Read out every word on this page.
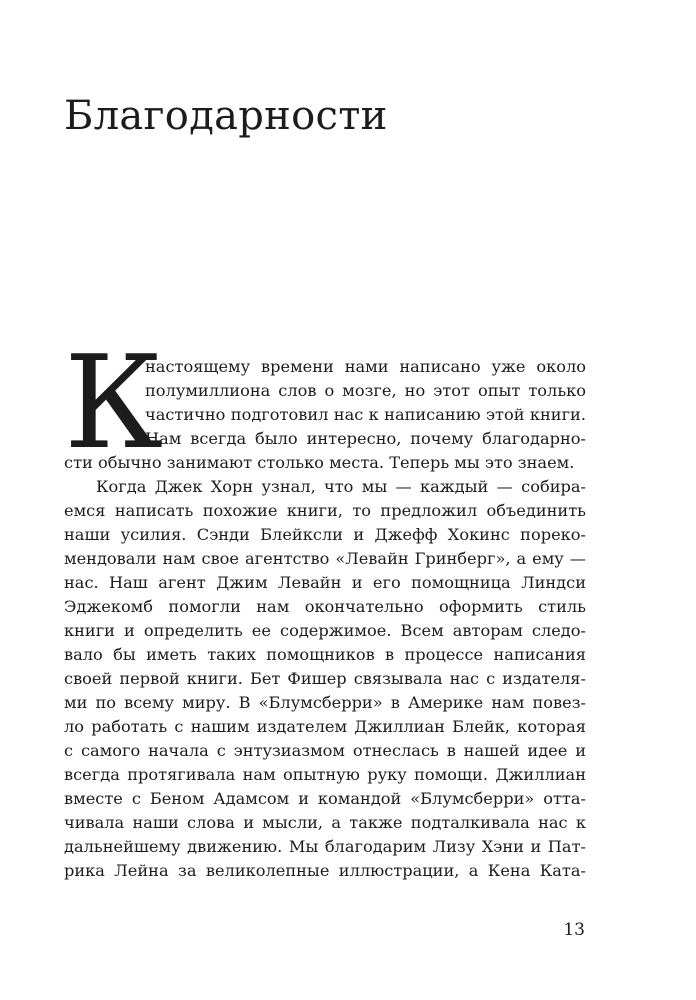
Благодарности
К
настоящему времени нами написано уже около
полумиллиона слов о мозге, но этот опыт только
частично подготовил нас к написанию этой книги.
Нам всегда было интересно, почему благодарно-
сти обычно занимают столько места. Теперь мы это знаем.
Когда Джек Хорн узнал, что мы — каждый — собира-
емся написать похожие книги, то предложил объединить
наши усилия. Сэнди Блейксли и Джефф Хокинс пореко-
мендовали нам свое агентство «Левайн Гринберг», а ему —
нас. Наш агент Джим Левайн и его помощница Линдси
Эджекомб помогли нам окончательно оформить стиль
книги и определить ее содержимое. Всем авторам следо-
вало бы иметь таких помощников в процессе написания
своей первой книги. Бет Фишер связывала нас с издателя-
ми по всему миру. В «Блумсберри» в Америке нам повез-
ло работать с нашим издателем Джиллиан Блейк, которая
с самого начала с энтузиазмом отнеслась в нашей идее и
всегда протягивала нам опытную руку помощи. Джиллиан
вместе с Беном Адамсом и командой «Блумсберри» отта-
чивала наши слова и мысли, а также подталкивала нас к
дальнейшему движению. Мы благодарим Лизу Хэни и Пат-
рика Лейна за великолепные иллюстрации, а Кена Ката-
13
